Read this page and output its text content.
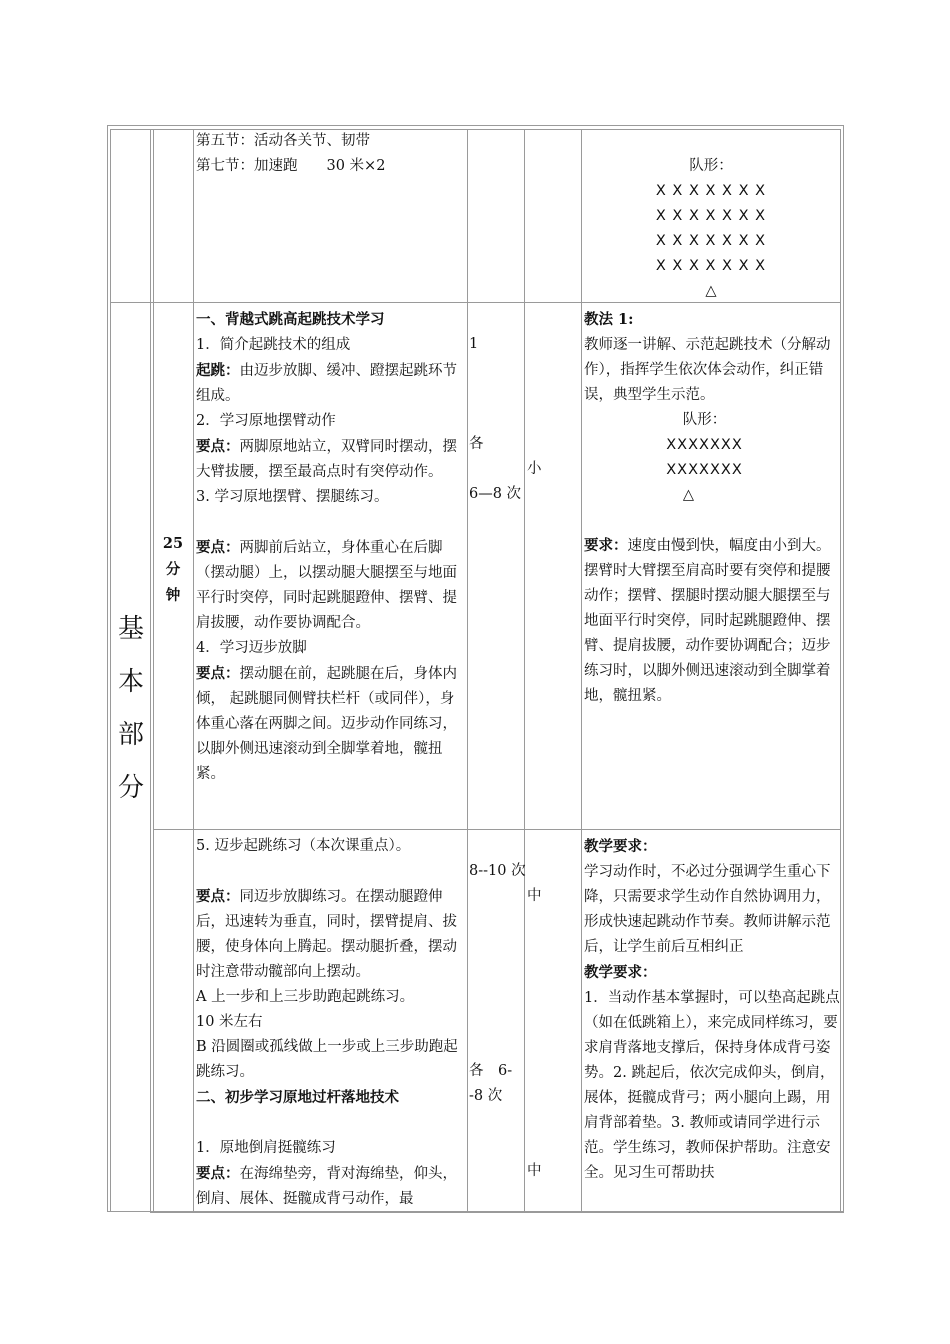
第五节：活动各关节、韧带

第七节：加速跑　　30 米×2	队形：

X X X X X X X

X X X X X X X

X X X X X X X

X X X X X X X

△

基
本
部
分
25
分
钟

一、背越式跳高起跳技术学习

1．简介起跳技术的组成

起跳：由迈步放脚、缓冲、蹬摆起跳环节组成。

2．学习原地摆臂动作

要点：两脚原地站立，双臂同时摆动，摆大臂拔腰，摆至最高点时有突停动作。

3. 学习原地摆臂、摆腿练习。

要点：两脚前后站立，身体重心在后脚（摆动腿）上，以摆动腿大腿摆至与地面平行时突停，同时起跳腿蹬伸、摆臂、提肩拔腰，动作要协调配合。

4．学习迈步放脚

要点：摆动腿在前，起跳腿在后，身体内倾， 起跳腿同侧臂扶栏杆（或同伴），身体重心落在两脚之间。迈步动作同练习，以脚外侧迅速滚动到全脚掌着地，髋扭紧。

1
各
6—8 次
小

教法 1:

教师逐一讲解、示范起跳技术（分解动作），指挥学生依次体会动作，纠正错误，典型学生示范。

队形：

XXXXXXX

XXXXXXX

△

要求：速度由慢到快，幅度由小到大。摆臂时大臂摆至肩高时要有突停和提腰动作；摆臂、摆腿时摆动腿大腿摆至与地面平行时突停，同时起跳腿蹬伸、摆臂、提肩拔腰，动作要协调配合；迈步练习时，以脚外侧迅速滚动到全脚掌着地，髋扭紧。

5. 迈步起跳练习（本次课重点）。

要点：同迈步放脚练习。在摆动腿蹬伸后，迅速转为垂直，同时，摆臂提肩、拔腰，使身体向上腾起。摆动腿折叠，摆动时注意带动髋部向上摆动。

A 上一步和上三步助跑起跳练习。

10 米左右

B 沿圆圈或孤线做上一步或上三步助跑起跳练习。

二、初步学习原地过杆落地技术

1．原地倒肩挺髋练习

要点：在海绵垫旁，背对海绵垫，仰头，倒肩、展体、挺髋成背弓动作，最

8--10 次
各　6--8 次
中
中

教学要求：

学习动作时，不必过分强调学生重心下降，只需要求学生动作自然协调用力，形成快速起跳动作节奏。教师讲解示范后，让学生前后互相纠正

教学要求：

1．当动作基本掌握时，可以垫高起跳点（如在低跳箱上），来完成同样练习，要求肩背落地支撑后，保持身体成背弓姿势。2. 跳起后，依次完成仰头，倒肩，展体，挺髋成背弓；两小腿向上踢，用肩背部着垫。3. 教师或请同学进行示范。学生练习，教师保护帮助。注意安全。见习生可帮助扶
